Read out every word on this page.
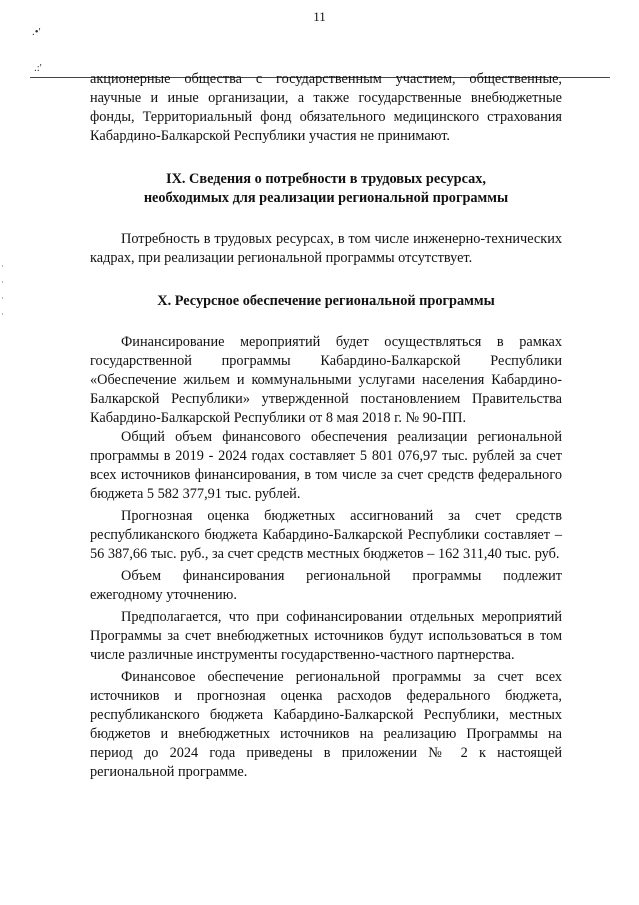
11
.•'
.:'
·
·
·
·

акционерные общества с государственным участием, общественные, научные и иные организации, а также государственные внебюджетные фонды, Территориальный фонд обязательного медицинского страхования Кабардино-Балкарской Республики участия не принимают.

IX. Сведения о потребности в трудовых ресурсах,

необходимых для реализации региональной программы

Потребность в трудовых ресурсах, в том числе инженерно-технических кадрах, при реализации региональной программы отсутствует.

X. Ресурсное обеспечение региональной программы

Финансирование мероприятий будет осуществляться в рамках государственной программы Кабардино-Балкарской Республики «Обеспечение жильем и коммунальными услугами населения Кабардино-Балкарской Республики» утвержденной постановлением Правительства Кабардино-Балкарской Республики от 8 мая 2018 г. № 90-ПП.

Общий объем финансового обеспечения реализации региональной программы в 2019 - 2024 годах составляет 5 801 076,97 тыс. рублей за счет всех источников финансирования, в том числе за счет средств федерального бюджета 5 582 377,91 тыс. рублей.

Прогнозная оценка бюджетных ассигнований за счет средств республиканского бюджета Кабардино-Балкарской Республики составляет – 56 387,66 тыс. руб., за счет средств местных бюджетов – 162 311,40 тыс. руб.

Объем финансирования региональной программы подлежит ежегодному уточнению.

Предполагается, что при софинансировании отдельных мероприятий Программы за счет внебюджетных источников будут использоваться в том числе различные инструменты государственно-частного партнерства.

Финансовое обеспечение региональной программы за счет всех источников и прогнозная оценка расходов федерального бюджета, республиканского бюджета Кабардино-Балкарской Республики, местных бюджетов и внебюджетных источников на реализацию Программы на период до 2024 года приведены в приложении № 2 к настоящей региональной программе.
